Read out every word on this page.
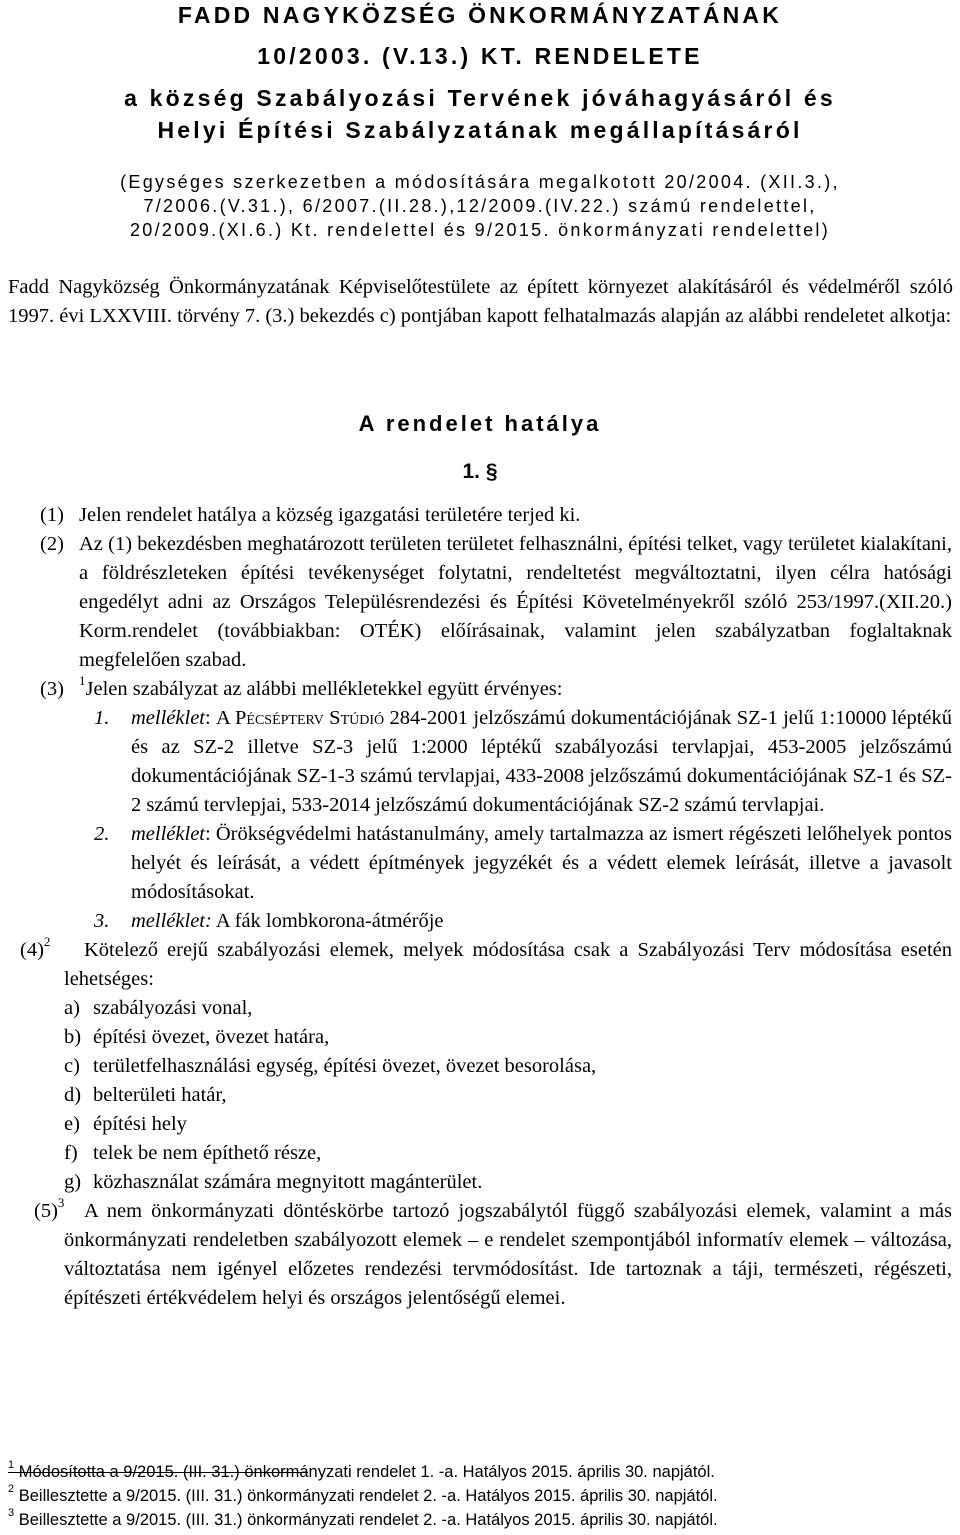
FADD NAGYKÖZSÉG ÖNKORMÁNYZATÁNAK
10/2003. (V.13.) KT. RENDELETE
a község Szabályozási Tervének jóváhagyásáról és
Helyi Építési Szabályzatának megállapításáról
(Egységes szerkezetben a módosítására megalkotott 20/2004. (XII.3.),
7/2006.(V.31.), 6/2007.(II.28.),12/2009.(IV.22.) számú rendelettel,
20/2009.(XI.6.) Kt. rendelettel és 9/2015. önkormányzati rendelettel)
Fadd Nagyközség Önkormányzatának Képviselőtestülete az épített környezet alakításáról és védelméről szóló 1997. évi LXXVIII. törvény 7. (3.) bekezdés c) pontjában kapott felhatalmazás alapján az alábbi rendeletet alkotja:
A rendelet hatálya
1. §
(1) Jelen rendelet hatálya a község igazgatási területére terjed ki.
(2) Az (1) bekezdésben meghatározott területen területet felhasználni, építési telket, vagy területet kialakítani, a földrészleteken építési tevékenységet folytatni, rendeltetést megváltoztatni, ilyen célra hatósági engedélyt adni az Országos Településrendezési és Építési Követelményekről szóló 253/1997.(XII.20.) Korm.rendelet (továbbiakban: OTÉK) előírásainak, valamint jelen szabályzatban foglaltaknak megfelelően szabad.
(3) $^1$Jelen szabályzat az alábbi mellékletekkel együtt érvényes:
1. melléklet: A Pécsépterv Stúdió 284-2001 jelzőszámú dokumentációjának SZ-1 jelű 1:10000 léptékű és az SZ-2 illetve SZ-3 jelű 1:2000 léptékű szabályozási tervlapjai, 453-2005 jelzőszámú dokumentációjának SZ-1-3 számú tervlapjai, 433-2008 jelzőszámú dokumentációjának SZ-1 és SZ-2 számú tervlepjai, 533-2014 jelzőszámú dokumentációjának SZ-2 számú tervlapjai.
2. melléklet: Örökségvédelmi hatástanulmány, amely tartalmazza az ismert régészeti lelőhelyek pontos helyét és leírását, a védett építmények jegyzékét és a védett elemek leírását, illetve a javasolt módosításokat.
3. melléklet: A fák lombkorona-átmérője
$(4)^2$	Kötelező erejű szabályozási elemek, melyek módosítása csak a Szabályozási Terv módosítása esetén lehetséges:
a) szabályozási vonal,
b) építési övezet, övezet határa,
c) területfelhasználási egység, építési övezet, övezet besorolása,
d) belterületi határ,
e) építési hely
f) telek be nem építhető része,
g) közhasználat számára megnyitott magánterület.
$(5)^3$ A nem önkormányzati döntéskörbe tartozó jogszabálytól függő szabályozási elemek, valamint a más önkormányzati rendeletben szabályozott elemek – e rendelet szempontjából informatív elemek – változása, változtatása nem igényel előzetes rendezési tervmódosítást. Ide tartoznak a táji, természeti, régészeti, építészeti értékvédelem helyi és országos jelentőségű elemei.
$^1$ Módosította a 9/2015. (III. 31.) önkormányzati rendelet 1. -a. Hatályos 2015. április 30. napjától.
$^2$ Beillesztette a 9/2015. (III. 31.) önkormányzati rendelet 2. -a. Hatályos 2015. április 30. napjától.
$^3$ Beillesztette a 9/2015. (III. 31.) önkormányzati rendelet 2. -a. Hatályos 2015. április 30. napjától.
